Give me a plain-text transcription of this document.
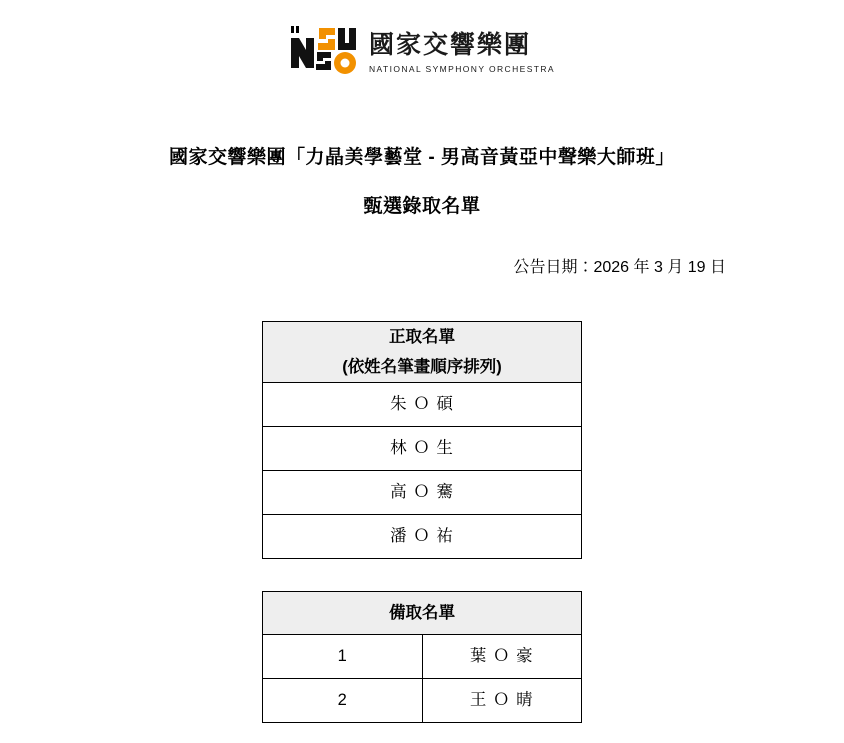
國家交響樂團
NATIONAL SYMPHONY ORCHESTRA
國家交響樂團「力晶美學藝堂 - 男高音黃亞中聲樂大師班」
甄選錄取名單
公告日期：2026 年 3 月 19 日
正取名單
(依姓名筆畫順序排列)
朱 Ｏ 碩
林 Ｏ 生
高 Ｏ 騫
潘 Ｏ 祐
備取名單	
1	葉 Ｏ 豪
2	王 Ｏ 晴
